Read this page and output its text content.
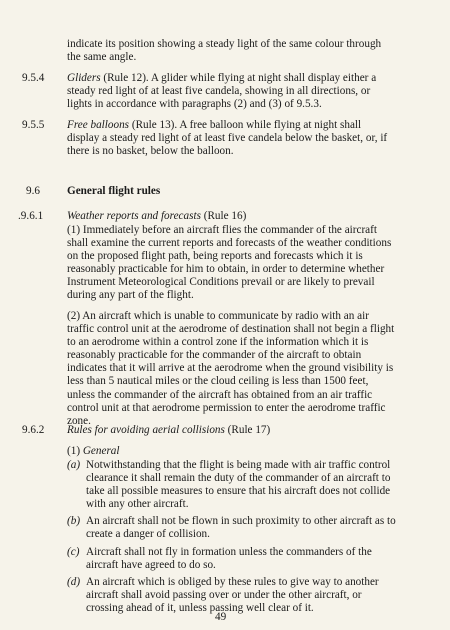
indicate its position showing a steady light of the same colour through the same angle.
9.5.4 Gliders (Rule 12). A glider while flying at night shall display either a steady red light of at least five candela, showing in all directions, or lights in accordance with paragraphs (2) and (3) of 9.5.3.
9.5.5 Free balloons (Rule 13). A free balloon while flying at night shall display a steady red light of at least five candela below the basket, or, if there is no basket, below the balloon.
9.6 General flight rules
.9.6.1 Weather reports and forecasts (Rule 16)
(1) Immediately before an aircraft flies the commander of the aircraft shall examine the current reports and forecasts of the weather conditions on the proposed flight path, being reports and forecasts which it is reasonably practicable for him to obtain, in order to determine whether Instrument Meteorological Conditions prevail or are likely to prevail during any part of the flight.
(2) An aircraft which is unable to communicate by radio with an air traffic control unit at the aerodrome of destination shall not begin a flight to an aerodrome within a control zone if the information which it is reasonably practicable for the commander of the aircraft to obtain indicates that it will arrive at the aerodrome when the ground visibility is less than 5 nautical miles or the cloud ceiling is less than 1500 feet, unless the commander of the aircraft has obtained from an air traffic control unit at that aerodrome permission to enter the aerodrome traffic zone.
9.6.2 Rules for avoiding aerial collisions (Rule 17)
(1) General
(a) Notwithstanding that the flight is being made with air traffic control clearance it shall remain the duty of the commander of an aircraft to take all possible measures to ensure that his aircraft does not collide with any other aircraft.
(b) An aircraft shall not be flown in such proximity to other aircraft as to create a danger of collision.
(c) Aircraft shall not fly in formation unless the commanders of the aircraft have agreed to do so.
(d) An aircraft which is obliged by these rules to give way to another aircraft shall avoid passing over or under the other aircraft, or crossing ahead of it, unless passing well clear of it.
49
